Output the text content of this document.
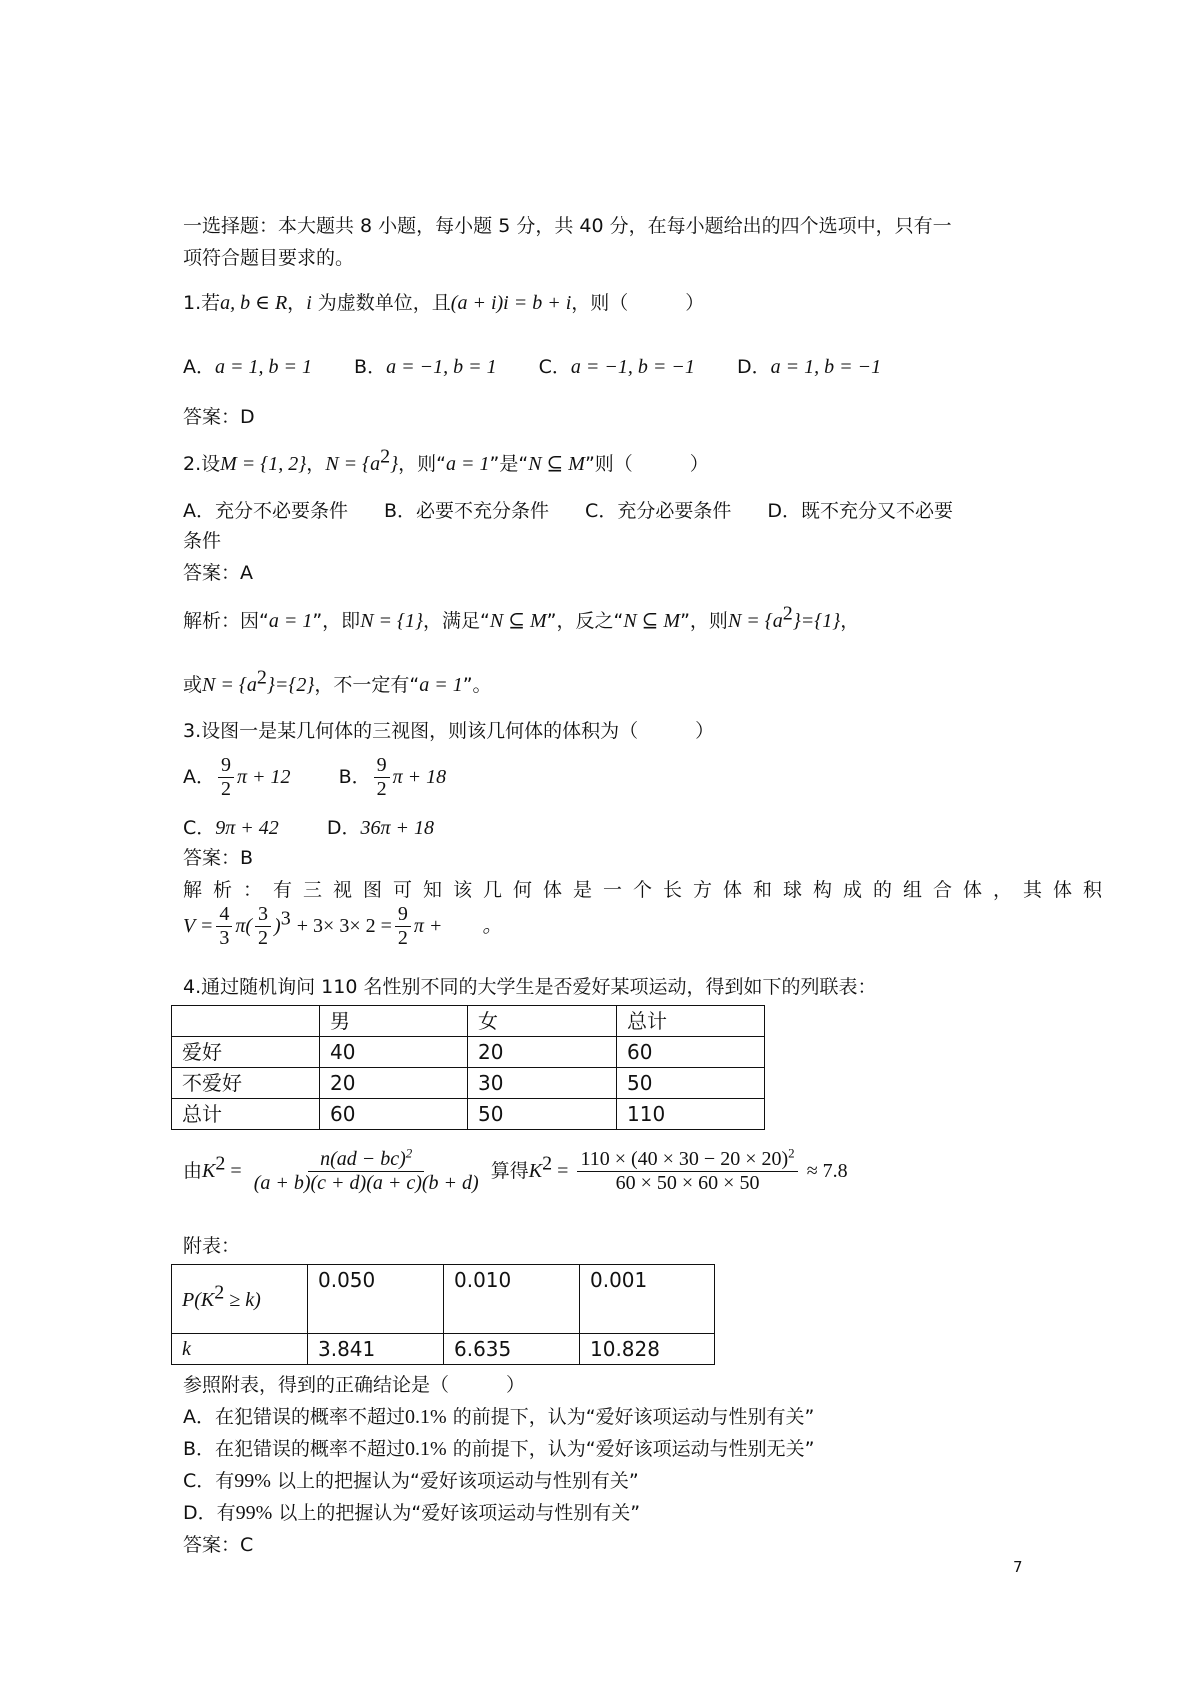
一选择题：本大题共 8 小题，每小题 5 分，共 40 分，在每小题给出的四个选项中，只有一
项符合题目要求的。
1.若a, b ∈ R，i 为虚数单位，且(a + i)i = b + i，则（　　　）
A．a = 1, b = 1 B．a = −1, b = 1 C．a = −1, b = −1 D．a = 1, b = −1
答案：D
2.设M = {1, 2}，$N = \{a^2\}$，则“a = 1”是“N ⊆ M”则（　　　）
A．充分不必要条件 B．必要不充分条件 C．充分必要条件 D．既不充分又不必要
条件
答案：A
解析：因“a = 1”，即N = {1}，满足“N ⊆ M”，反之“N ⊆ M”，则$N = \{a^2\}=\{1\}$，
或$N = \{a^2\}=\{2\}$，不一定有“a = 1”。
3.设图一是某几何体的三视图，则该几何体的体积为（　　　）
A． $\frac{9}{2}$ π + 12	B． $\frac{9}{2}$ π + 18
C．9π + 42	D．36π + 18
答案：B
解析：有三视图可知该几何体是一个长方体和球构成的组合体，其体积
$V = \frac{4}{3} \pi( \frac{3}{2} )^3 + 3\times 3\times 2 = \frac{9}{2}$ π +　　。
4.通过随机询问 110 名性别不同的大学生是否爱好某项运动，得到如下的列联表：
	男	女	总计
爱好	40	20	60
不爱好	20	30	50
总计	60	50	110
由$K^2 = \frac{n(ad - bc)^2}{(a + b)(c + d)(a + c)(b + d)}$ 算得$K^2 = \frac{110 \times (40 \times 30 - 20 \times 20)^2}{60 \times 50 \times 60 \times 50} \approx 7.8$
附表：
$P(K^2 \ge k)$	0.050	0.010	0.001
k	3.841	6.635	10.828
参照附表，得到的正确结论是（　　　）
A．在犯错误的概率不超过0.1% 的前提下，认为“爱好该项运动与性别有关”
B．在犯错误的概率不超过0.1% 的前提下，认为“爱好该项运动与性别无关”
C．有99% 以上的把握认为“爱好该项运动与性别有关”
D．有99% 以上的把握认为“爱好该项运动与性别有关”
答案：C
7
